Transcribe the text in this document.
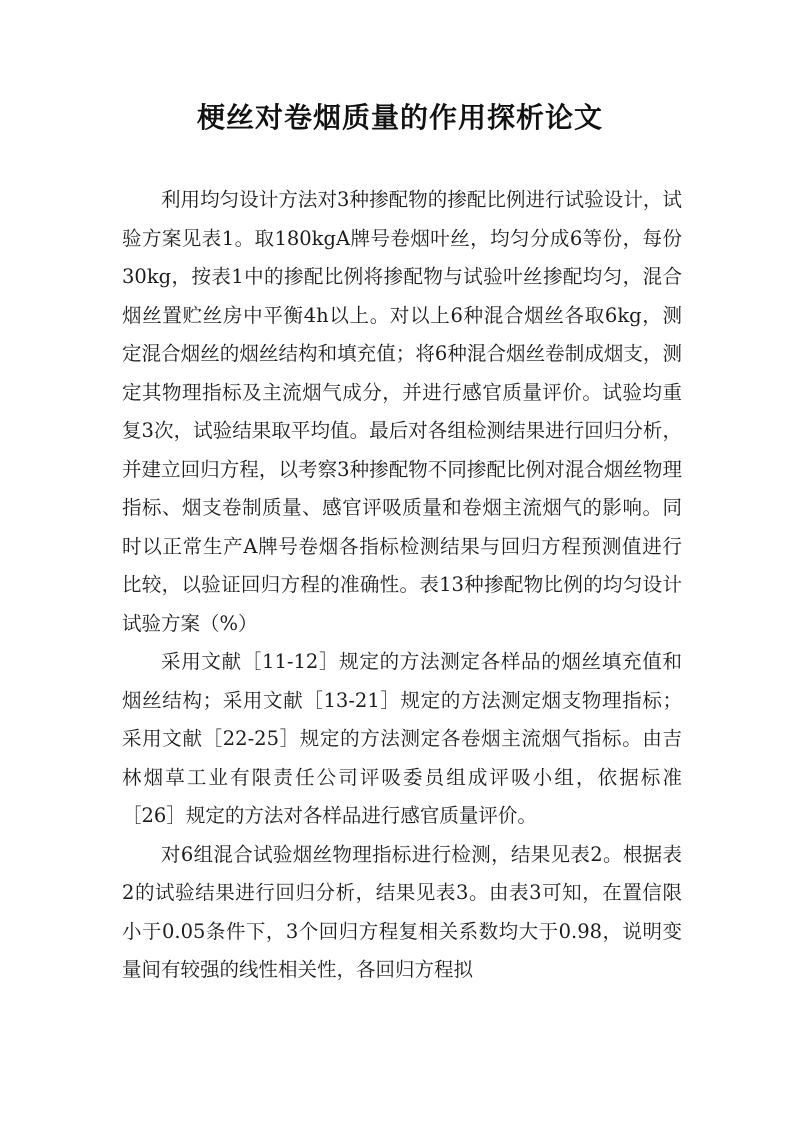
梗丝对卷烟质量的作用探析论文

利用均匀设计方法对3种掺配物的掺配比例进行试验设计，试验方案见表1。取180kgA牌号卷烟叶丝，均匀分成6等份，每份30kg，按表1中的掺配比例将掺配物与试验叶丝掺配均匀，混合烟丝置贮丝房中平衡4h以上。对以上6种混合烟丝各取6kg，测定混合烟丝的烟丝结构和填充值；将6种混合烟丝卷制成烟支，测定其物理指标及主流烟气成分，并进行感官质量评价。试验均重复3次，试验结果取平均值。最后对各组检测结果进行回归分析，并建立回归方程，以考察3种掺配物不同掺配比例对混合烟丝物理指标、烟支卷制质量、感官评吸质量和卷烟主流烟气的影响。同时以正常生产A牌号卷烟各指标检测结果与回归方程预测值进行比较，以验证回归方程的准确性。表13种掺配物比例的均匀设计试验方案（%）

采用文献［11-12］规定的方法测定各样品的烟丝填充值和烟丝结构；采用文献［13-21］规定的方法测定烟支物理指标；采用文献［22-25］规定的方法测定各卷烟主流烟气指标。由吉林烟草工业有限责任公司评吸委员组成评吸小组，依据标准［26］规定的方法对各样品进行感官质量评价。

对6组混合试验烟丝物理指标进行检测，结果见表2。根据表2的试验结果进行回归分析，结果见表3。由表3可知，在置信限小于0.05条件下，3个回归方程复相关系数均大于0.98，说明变量间有较强的线性相关性，各回归方程拟
